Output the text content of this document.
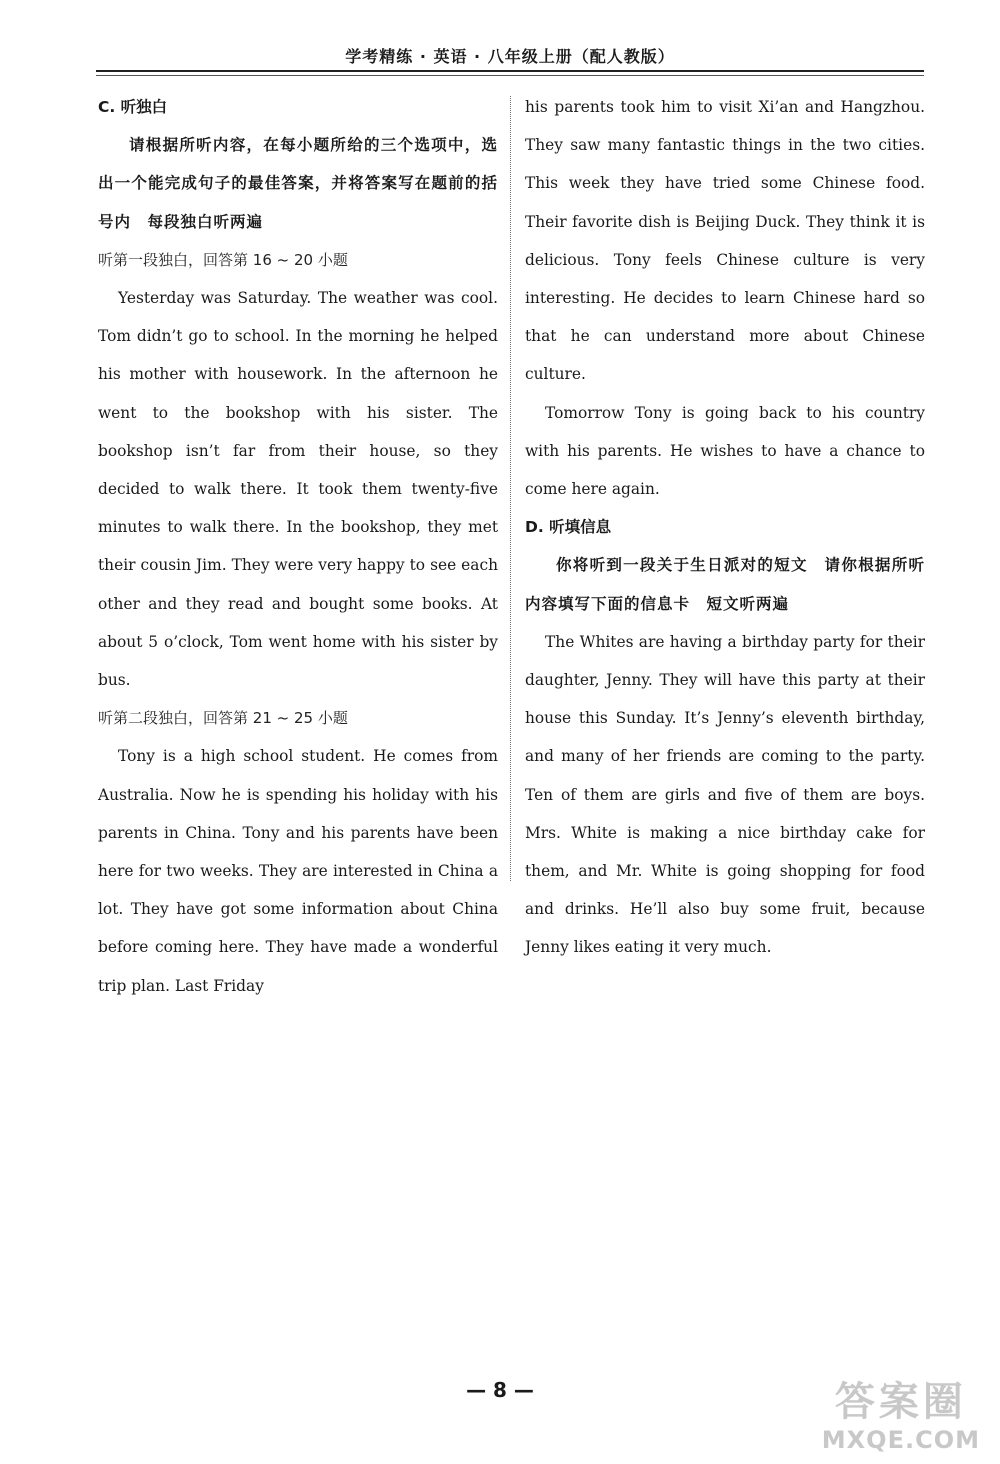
学考精练 · 英语 · 八年级上册（配人教版）
C. 听独白
请根据所听内容，在每小题所给的三个选项中，选出一个能完成句子的最佳答案，并将答案写在题前的括号内　每段独白听两遍
听第一段独白，回答第 16 ~ 20 小题

Yesterday was Saturday. The weather was cool. Tom didn’t go to school. In the morning he helped his mother with housework. In the afternoon he went to the bookshop with his sister. The bookshop isn’t far from their house, so they decided to walk there. It took them twenty-five minutes to walk there. In the bookshop, they met their cousin Jim. They were very happy to see each other and they read and bought some books. At about 5 o’clock, Tom went home with his sister by bus.

听第二段独白，回答第 21 ~ 25 小题

Tony is a high school student. He comes from Australia. Now he is spending his holiday with his parents in China. Tony and his parents have been here for two weeks. They are interested in China a lot. They have got some information about China before coming here. They have made a wonderful trip plan. Last Friday

his parents took him to visit Xi’an and Hangzhou. They saw many fantastic things in the two cities. This week they have tried some Chinese food. Their favorite dish is Beijing Duck. They think it is delicious. Tony feels Chinese culture is very interesting. He decides to learn Chinese hard so that he can understand more about Chinese culture.

Tomorrow Tony is going back to his country with his parents. He wishes to have a chance to come here again.

D. 听填信息
你将听到一段关于生日派对的短文　请你根据所听内容填写下面的信息卡　短文听两遍

The Whites are having a birthday party for their daughter, Jenny. They will have this party at their house this Sunday. It’s Jenny’s eleventh birthday, and many of her friends are coming to the party. Ten of them are girls and five of them are boys. Mrs. White is making a nice birthday cake for them, and Mr. White is going shopping for food and drinks. He’ll also buy some fruit, because Jenny likes eating it very much.

— 8 —	答案圈
MXQE.COM
